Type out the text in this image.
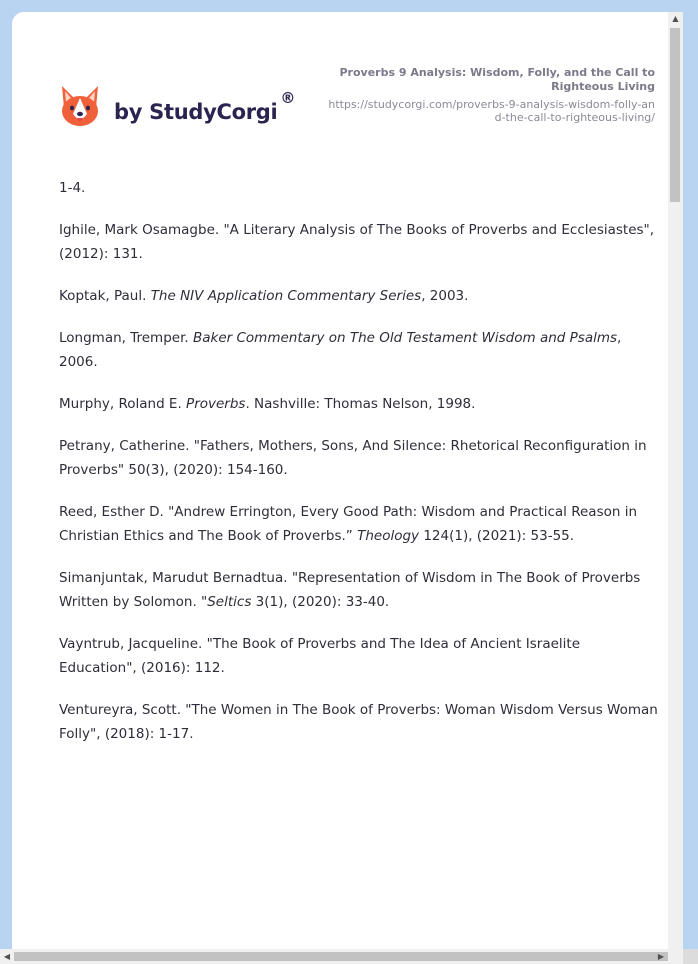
by StudyCorgi®
Proverbs 9 Analysis: Wisdom, Folly, and the Call to Righteous Living
https://studycorgi.com/proverbs-9-analysis-wisdom-folly-and-the-call-to-righteous-living/

1-4.

Ighile, Mark Osamagbe. "A Literary Analysis of The Books of Proverbs and Ecclesiastes", (2012): 131.

Koptak, Paul. The NIV Application Commentary Series, 2003.

Longman, Tremper. Baker Commentary on The Old Testament Wisdom and Psalms, 2006.

Murphy, Roland E. Proverbs. Nashville: Thomas Nelson, 1998.

Petrany, Catherine. "Fathers, Mothers, Sons, And Silence: Rhetorical Reconfiguration in Proverbs" 50(3), (2020): 154-160.

Reed, Esther D. "Andrew Errington, Every Good Path: Wisdom and Practical Reason in Christian Ethics and The Book of Proverbs.” Theology 124(1), (2021): 53-55.

Simanjuntak, Marudut Bernadtua. "Representation of Wisdom in The Book of Proverbs Written by Solomon. "Seltics 3(1), (2020): 33-40.

Vayntrub, Jacqueline. "The Book of Proverbs and The Idea of Ancient Israelite Education", (2016): 112.

Ventureyra, Scott. "The Women in The Book of Proverbs: Woman Wisdom Versus Woman Folly", (2018): 1-17.

▲
◀	▶
